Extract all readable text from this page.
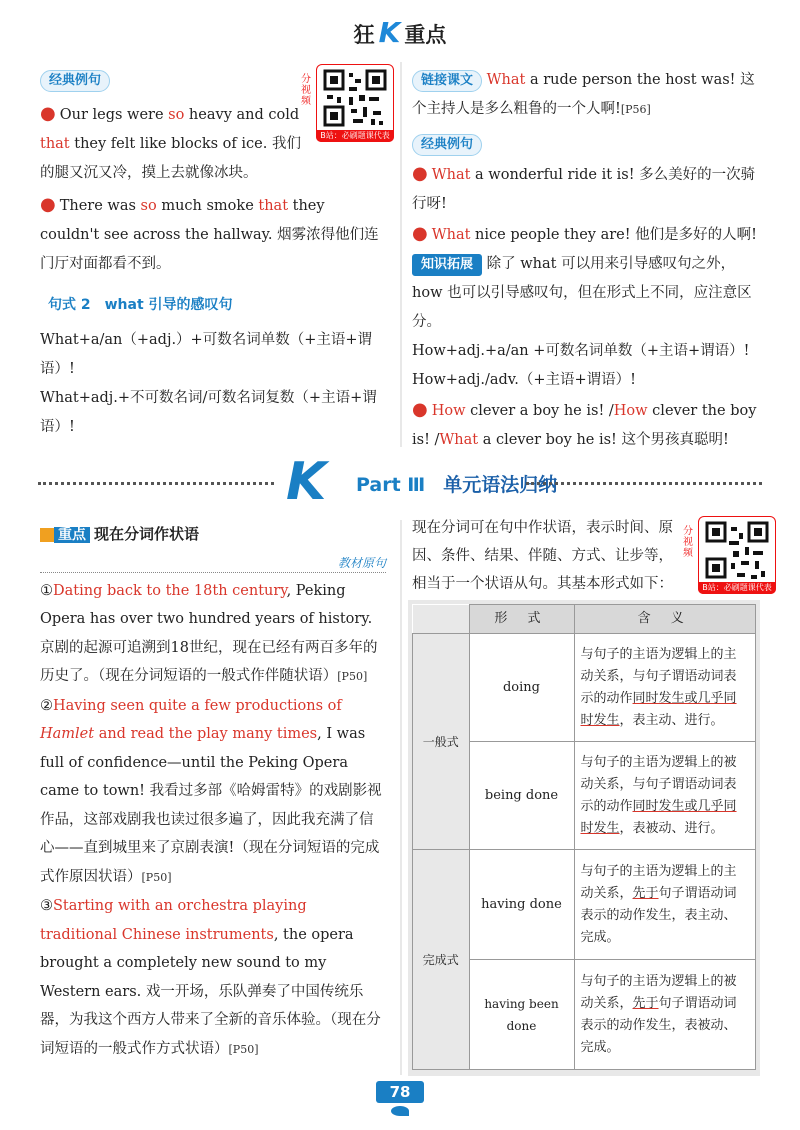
狂 K 重点
经典例句
● Our legs were so heavy and cold that they felt like blocks of ice. 我们的腿又沉又冷，摸上去就像冰块。
● There was so much smoke that they couldn't see across the hallway. 烟雾浓得他们连门厅对面都看不到。
句式 2　what 引导的感叹句
What+a/an（+adj.）+可数名词单数（+主语+谓语）!
What+adj.+不可数名词/可数名词复数（+主语+谓语）!
分视频
B站：必刷题课代表
链接课文 What a rude person the host was! 这个主持人是多么粗鲁的一个人啊![P56]
经典例句
● What a wonderful ride it is! 多么美好的一次骑行呀!
● What nice people they are! 他们是多好的人啊!
知识拓展 除了 what 可以用来引导感叹句之外，how 也可以引导感叹句，但在形式上不同，应注意区分。
How+adj.+a/an +可数名词单数（+主语+谓语）!
How+adj./adv.（+主语+谓语）!
● How clever a boy he is! /How clever the boy is! /What a clever boy he is! 这个男孩真聪明!
K Part Ⅲ 单元语法归纳
重点 现在分词作状语
教材原句
①Dating back to the 18th century, Peking Opera has over two hundred years of history. 京剧的起源可追溯到18世纪，现在已经有两百多年的历史了。（现在分词短语的一般式作伴随状语）[P50]
②Having seen quite a few productions of Hamlet and read the play many times, I was full of confidence—until the Peking Opera came to town! 我看过多部《哈姆雷特》的戏剧影视作品，这部戏剧我也读过很多遍了，因此我充满了信心——直到城里来了京剧表演!（现在分词短语的完成式作原因状语）[P50]
③Starting with an orchestra playing traditional Chinese instruments, the opera brought a completely new sound to my Western ears. 戏一开场，乐队弹奏了中国传统乐器，为我这个西方人带来了全新的音乐体验。（现在分词短语的一般式作方式状语）[P50]
现在分词可在句中作状语，表示时间、原因、条件、结果、伴随、方式、让步等，相当于一个状语从句。其基本形式如下：
分视频
B站：必刷题课代表
	形 式	含 义
一般式	doing	与句子的主语为逻辑上的主动关系，与句子谓语动词表示的动作同时发生或几乎同时发生，表主动、进行。
	being done	与句子的主语为逻辑上的被动关系，与句子谓语动词表示的动作同时发生或几乎同时发生，表被动、进行。
完成式	having done	与句子的主语为逻辑上的主动关系，先于句子谓语动词表示的动作发生，表主动、完成。
	having been done	与句子的主语为逻辑上的被动关系，先于句子谓语动词表示的动作发生，表被动、完成。
78
